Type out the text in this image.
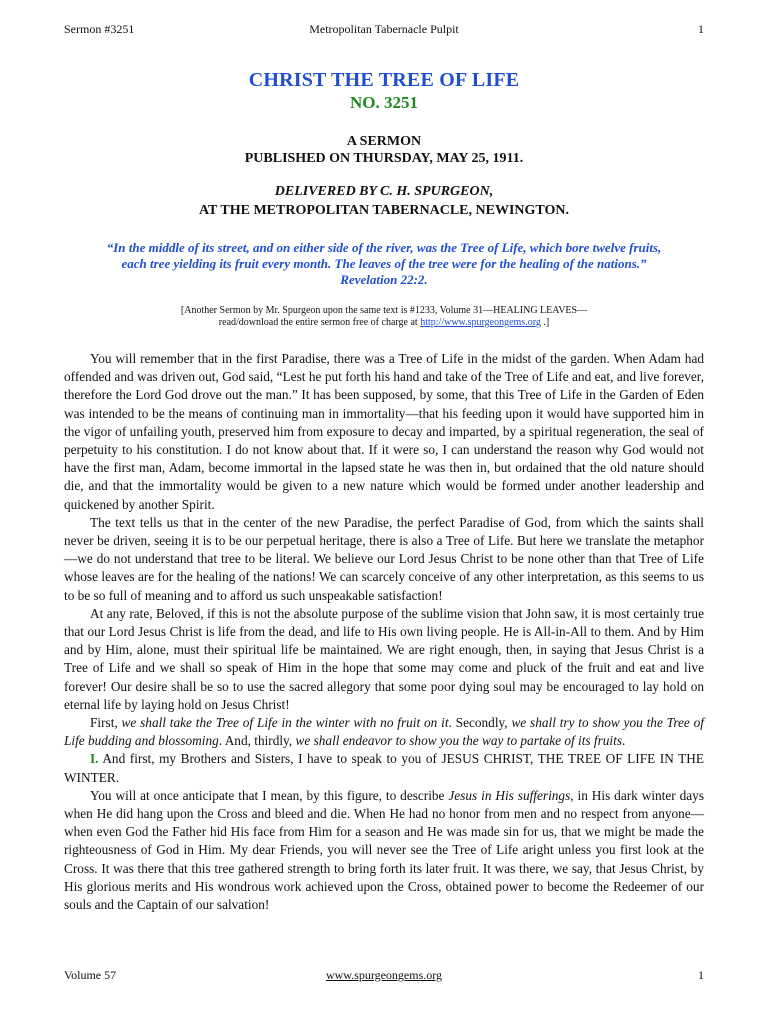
Sermon #3251	Metropolitan Tabernacle Pulpit	1
CHRIST THE TREE OF LIFE
NO. 3251
A SERMON
PUBLISHED ON THURSDAY, MAY 25, 1911.
DELIVERED BY C. H. SPURGEON,
AT THE METROPOLITAN TABERNACLE, NEWINGTON.
“In the middle of its street, and on either side of the river, was the Tree of Life, which bore twelve fruits,
each tree yielding its fruit every month. The leaves of the tree were for the healing of the nations.”
Revelation 22:2.
[Another Sermon by Mr. Spurgeon upon the same text is #1233, Volume 31—HEALING LEAVES—
read/download the entire sermon free of charge at http://www.spurgeongems.org .]

You will remember that in the first Paradise, there was a Tree of Life in the midst of the garden. When Adam had offended and was driven out, God said, “Lest he put forth his hand and take of the Tree of Life and eat, and live forever, therefore the Lord God drove out the man.” It has been supposed, by some, that this Tree of Life in the Garden of Eden was intended to be the means of continuing man in immortality—that his feeding upon it would have supported him in the vigor of unfailing youth, preserved him from exposure to decay and imparted, by a spiritual regeneration, the seal of perpetuity to his constitution. I do not know about that. If it were so, I can understand the reason why God would not have the first man, Adam, become immortal in the lapsed state he was then in, but ordained that the old nature should die, and that the immortality would be given to a new nature which would be formed under another leadership and quickened by another Spirit.

The text tells us that in the center of the new Paradise, the perfect Paradise of God, from which the saints shall never be driven, seeing it is to be our perpetual heritage, there is also a Tree of Life. But here we translate the metaphor—we do not understand that tree to be literal. We believe our Lord Jesus Christ to be none other than that Tree of Life whose leaves are for the healing of the nations! We can scarcely conceive of any other interpretation, as this seems to us to be so full of meaning and to afford us such unspeakable satisfaction!

At any rate, Beloved, if this is not the absolute purpose of the sublime vision that John saw, it is most certainly true that our Lord Jesus Christ is life from the dead, and life to His own living people. He is All-in-All to them. And by Him and by Him, alone, must their spiritual life be maintained. We are right enough, then, in saying that Jesus Christ is a Tree of Life and we shall so speak of Him in the hope that some may come and pluck of the fruit and eat and live forever! Our desire shall be so to use the sacred allegory that some poor dying soul may be encouraged to lay hold on eternal life by laying hold on Jesus Christ!

First, we shall take the Tree of Life in the winter with no fruit on it. Secondly, we shall try to show you the Tree of Life budding and blossoming. And, thirdly, we shall endeavor to show you the way to partake of its fruits.

I. And first, my Brothers and Sisters, I have to speak to you of JESUS CHRIST, THE TREE OF LIFE IN THE WINTER.

You will at once anticipate that I mean, by this figure, to describe Jesus in His sufferings, in His dark winter days when He did hang upon the Cross and bleed and die. When He had no honor from men and no respect from anyone—when even God the Father hid His face from Him for a season and He was made sin for us, that we might be made the righteousness of God in Him. My dear Friends, you will never see the Tree of Life aright unless you first look at the Cross. It was there that this tree gathered strength to bring forth its later fruit. It was there, we say, that Jesus Christ, by His glorious merits and His wondrous work achieved upon the Cross, obtained power to become the Redeemer of our souls and the Captain of our salvation!

Volume 57	www.spurgeongems.org	1
